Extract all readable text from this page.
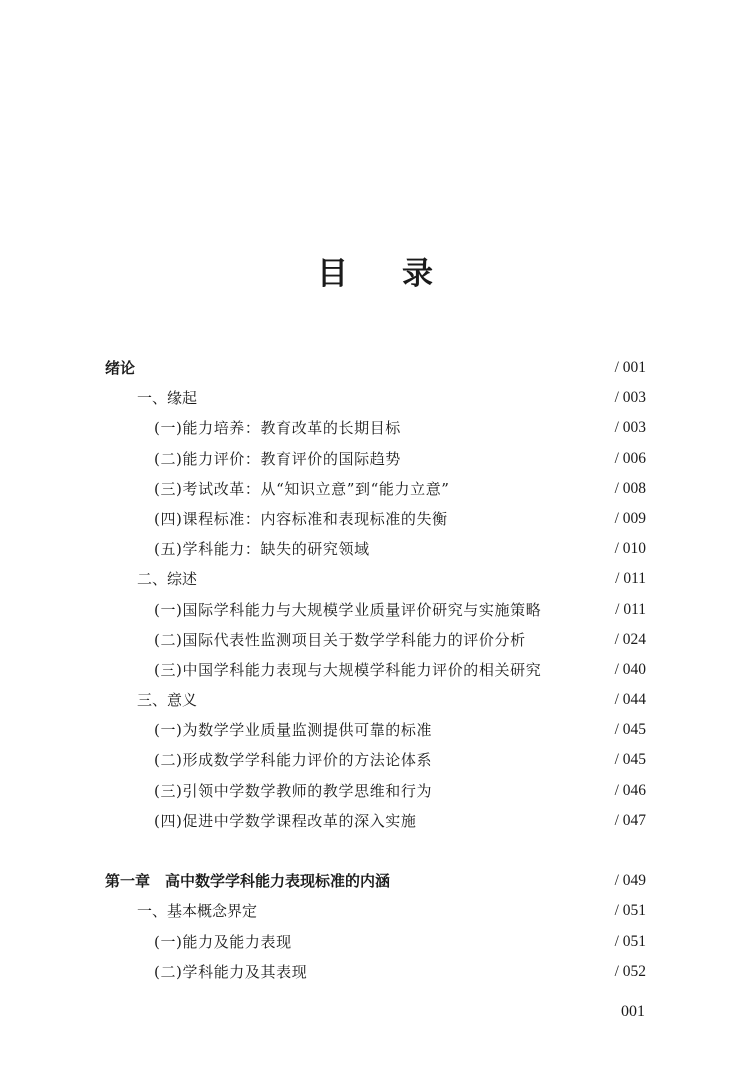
目录
绪论	/ 001
一、缘起	/ 003
(一)能力培养：教育改革的长期目标	/ 003
(二)能力评价：教育评价的国际趋势	/ 006
(三)考试改革：从“知识立意”到“能力立意”	/ 008
(四)课程标准：内容标准和表现标准的失衡	/ 009
(五)学科能力：缺失的研究领域	/ 010
二、综述	/ 011
(一)国际学科能力与大规模学业质量评价研究与实施策略	/ 011
(二)国际代表性监测项目关于数学学科能力的评价分析	/ 024
(三)中国学科能力表现与大规模学科能力评价的相关研究	/ 040
三、意义	/ 044
(一)为数学学业质量监测提供可靠的标准	/ 045
(二)形成数学学科能力评价的方法论体系	/ 045
(三)引领中学数学教师的教学思维和行为	/ 046
(四)促进中学数学课程改革的深入实施	/ 047
第一章　高中数学学科能力表现标准的内涵	/ 049
一、基本概念界定	/ 051
(一)能力及能力表现	/ 051
(二)学科能力及其表现	/ 052
001
